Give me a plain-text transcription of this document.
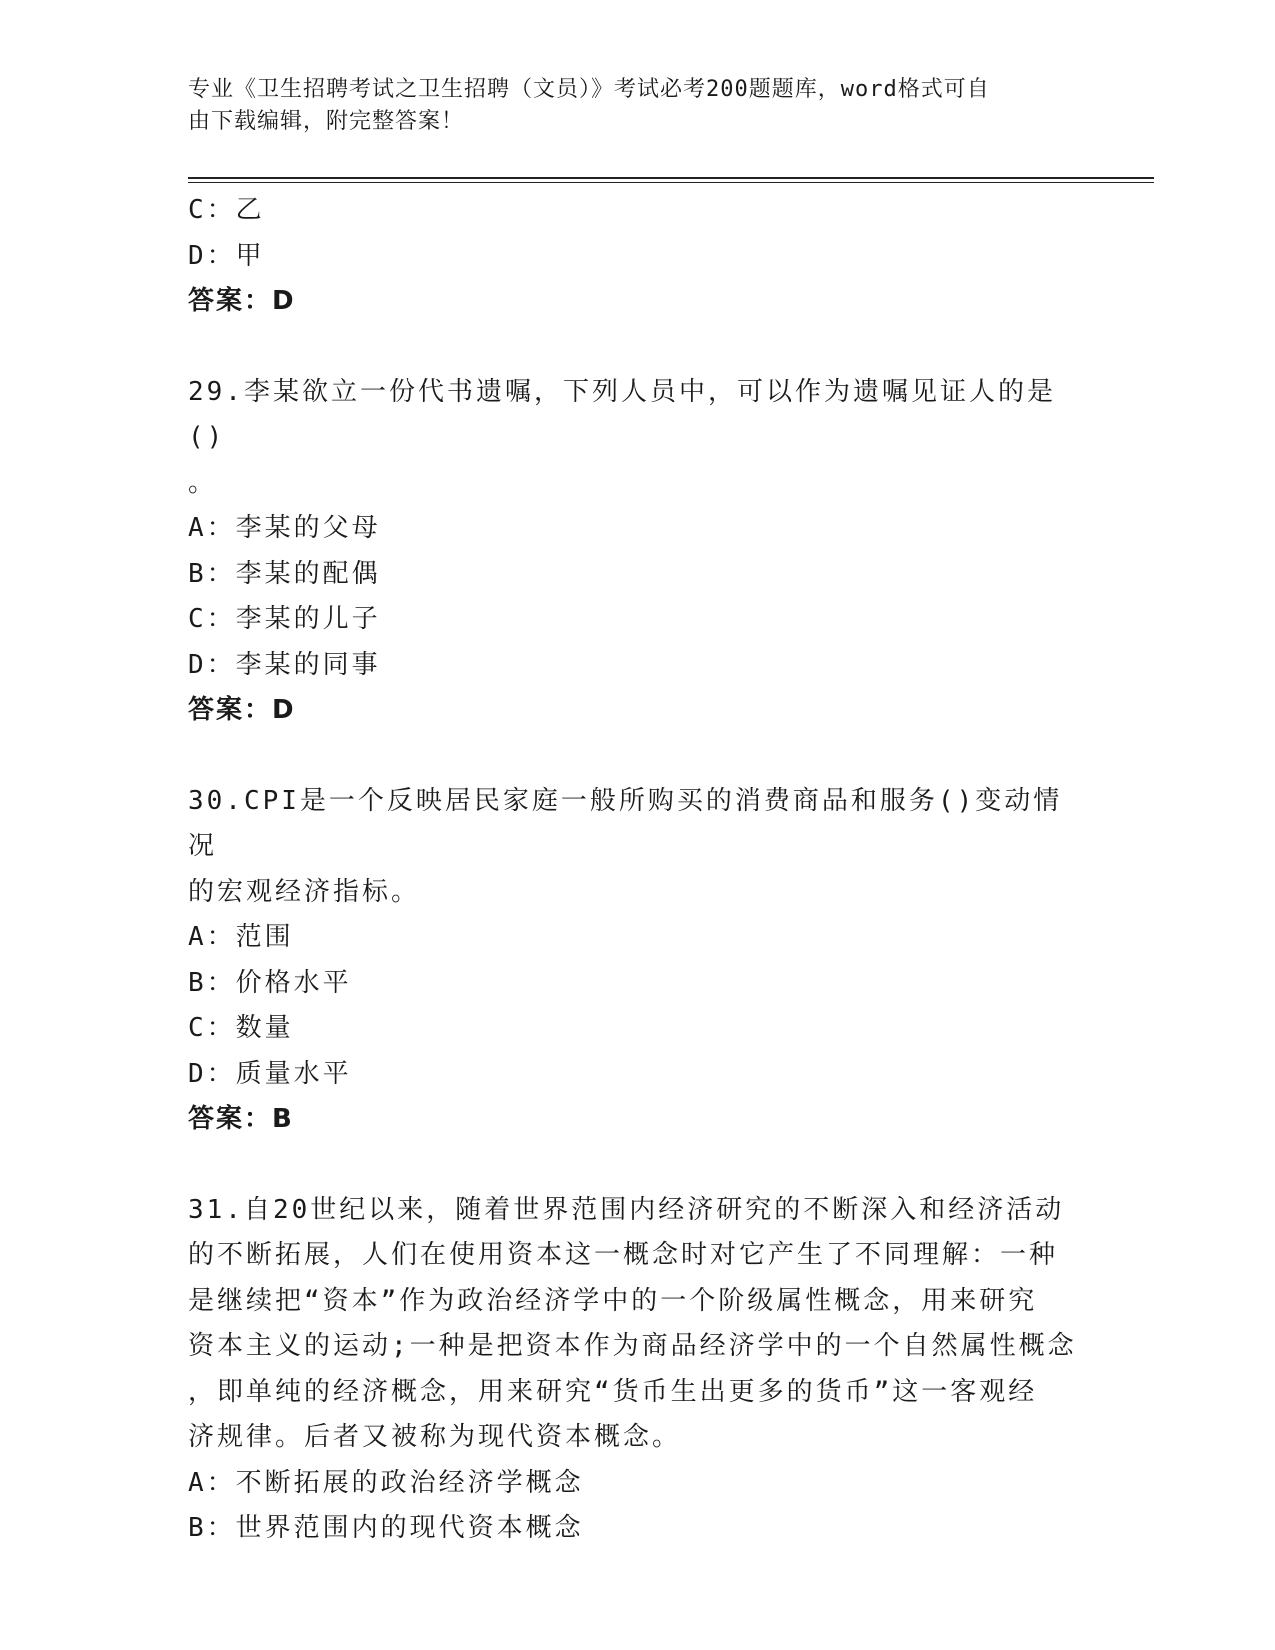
专业《卫生招聘考试之卫生招聘（文员）》考试必考200题题库，word格式可自
由下载编辑，附完整答案！
C：乙
D：甲
答案：D
29.李某欲立一份代书遗嘱，下列人员中，可以作为遗嘱见证人的是()
。
A：李某的父母
B：李某的配偶
C：李某的儿子
D：李某的同事
答案：D
30.CPI是一个反映居民家庭一般所购买的消费商品和服务()变动情况
的宏观经济指标。
A：范围
B：价格水平
C：数量
D：质量水平
答案：B
31.自20世纪以来，随着世界范围内经济研究的不断深入和经济活动
的不断拓展，人们在使用资本这一概念时对它产生了不同理解：一种
是继续把“资本”作为政治经济学中的一个阶级属性概念，用来研究
资本主义的运动;一种是把资本作为商品经济学中的一个自然属性概念
，即单纯的经济概念，用来研究“货币生出更多的货币”这一客观经
济规律。后者又被称为现代资本概念。
A：不断拓展的政治经济学概念
B：世界范围内的现代资本概念
